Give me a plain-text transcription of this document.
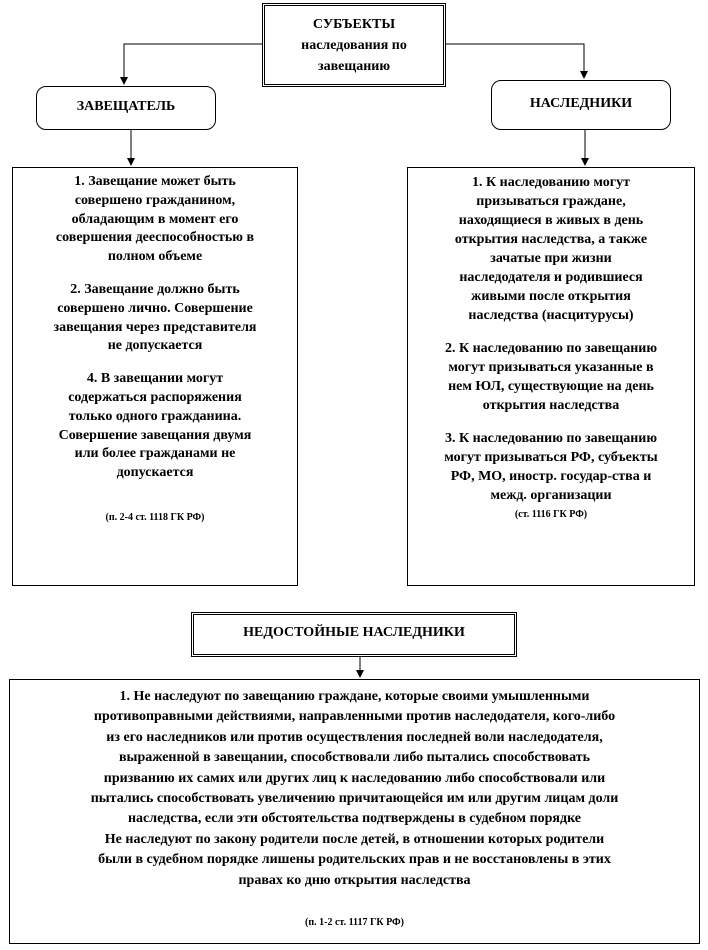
СУБЪЕКТЫ
наследования по
завещанию
ЗАВЕЩАТЕЛЬ	НАСЛЕДНИКИ
1. Завещание может быть
совершено гражданином,
обладающим в момент его
совершения дееспособностью в
полном объеме
2. Завещание должно быть
совершено лично. Совершение
завещания через представителя
не допускается
4. В завещании могут
содержаться распоряжения
только одного гражданина.
Совершение завещания двумя
или более гражданами не
допускается
(п. 2-4 ст. 1118 ГК РФ)
1. К наследованию могут
призываться граждане,
находящиеся в живых в день
открытия наследства, а также
зачатые при жизни
наследодателя и родившиеся
живыми после открытия
наследства (насцитурусы)
2. К наследованию по завещанию
могут призываться указанные в
нем ЮЛ, существующие на день
открытия наследства
3. К наследованию по завещанию
могут призываться РФ, субъекты
РФ, МО, иностр. государ-ства и
межд. организации
(ст. 1116 ГК РФ)
НЕДОСТОЙНЫЕ НАСЛЕДНИКИ
1. Не наследуют по завещанию граждане, которые своими умышленными
противоправными действиями, направленными против наследодателя, кого-либо
из его наследников или против осуществления последней воли наследодателя,
выраженной в завещании, способствовали либо пытались способствовать
призванию их самих или других лиц к наследованию либо способствовали или
пытались способствовать увеличению причитающейся им или другим лицам доли
наследства, если эти обстоятельства подтверждены в судебном порядке
Не наследуют по закону родители после детей, в отношении которых родители
были в судебном порядке лишены родительских прав и не восстановлены в этих
правах ко дню открытия наследства
(п. 1-2 ст. 1117 ГК РФ)
